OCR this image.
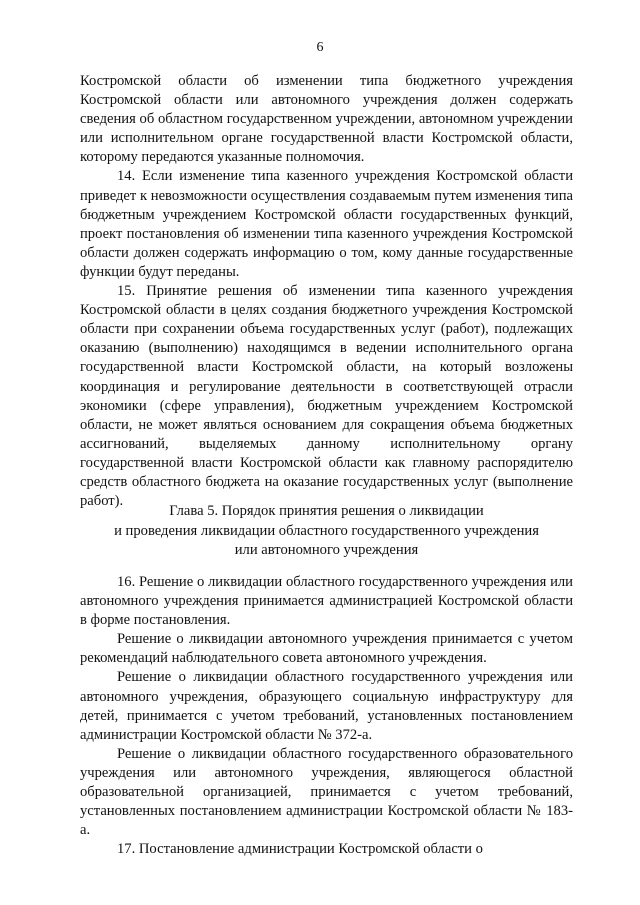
6

Костромской области об изменении типа бюджетного учреждения Костромской области или автономного учреждения должен содержать сведения об областном государственном учреждении, автономном учреждении или исполнительном органе государственной власти Костромской области, которому передаются указанные полномочия.

14. Если изменение типа казенного учреждения Костромской области приведет к невозможности осуществления создаваемым путем изменения типа бюджетным учреждением Костромской области государственных функций, проект постановления об изменении типа казенного учреждения Костромской области должен содержать информацию о том, кому данные государственные функции будут переданы.

15. Принятие решения об изменении типа казенного учреждения Костромской области в целях создания бюджетного учреждения Костромской области при сохранении объема государственных услуг (работ), подлежащих оказанию (выполнению) находящимся в ведении исполнительного органа государственной власти Костромской области, на который возложены координация и регулирование деятельности в соответствующей отрасли экономики (сфере управления), бюджетным учреждением Костромской области, не может являться основанием для сокращения объема бюджетных ассигнований, выделяемых данному исполнительному органу государственной власти Костромской области как главному распорядителю средств областного бюджета на оказание государственных услуг (выполнение работ).

Глава 5. Порядок принятия решения о ликвидации
и проведения ликвидации областного государственного учреждения
или автономного учреждения

16. Решение о ликвидации областного государственного учреждения или автономного учреждения принимается администрацией Костромской области в форме постановления.

Решение о ликвидации автономного учреждения принимается с учетом рекомендаций наблюдательного совета автономного учреждения.

Решение о ликвидации областного государственного учреждения или автономного учреждения, образующего социальную инфраструктуру для детей, принимается с учетом требований, установленных постановлением администрации Костромской области № 372-а.

Решение о ликвидации областного государственного образовательного учреждения или автономного учреждения, являющегося областной образовательной организацией, принимается с учетом требований, установленных постановлением администрации Костромской области № 183-а.

17. Постановление администрации Костромской области о
